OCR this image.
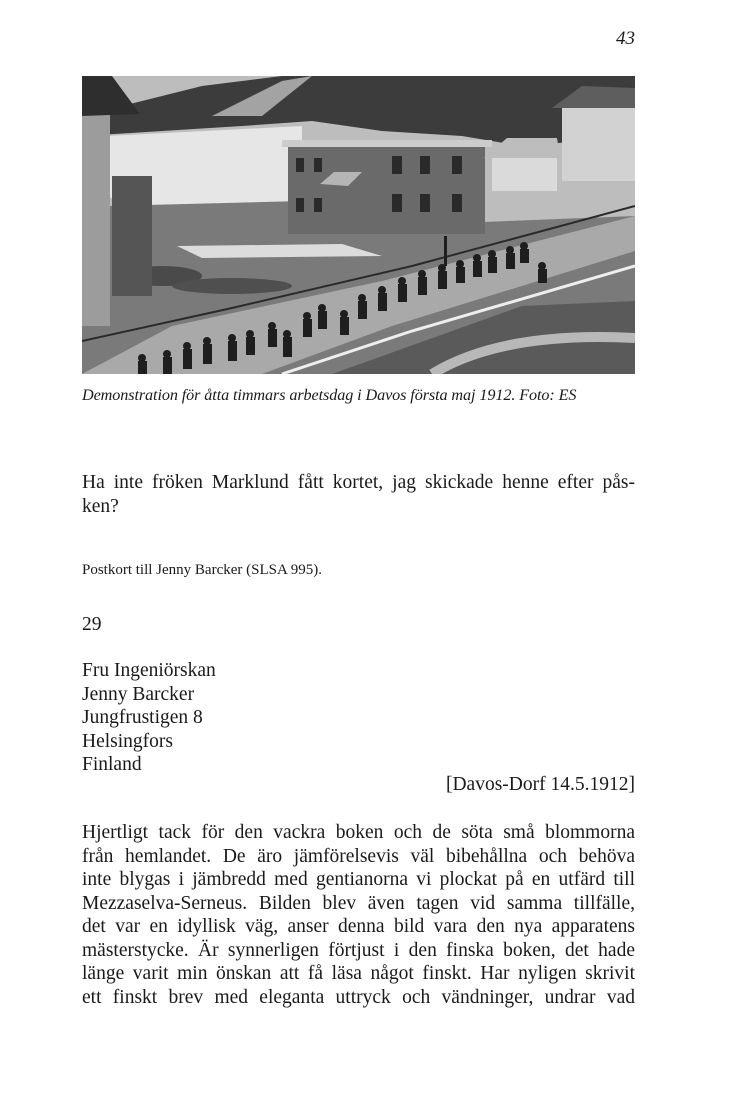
43
Demonstration för åtta timmars arbetsdag i Davos första maj 1912. Foto: ES
Ha inte fröken Marklund fått kortet, jag skickade henne efter pås-
ken?
Postkort till Jenny Barcker (SLSA 995).
29
Fru Ingeniörskan
Jenny Barcker
Jungfrustigen 8
Helsingfors
Finland
[Davos-Dorf 14.5.1912]
Hjertligt tack för den vackra boken och de söta små blommorna
från hemlandet. De äro jämförelsevis väl bibehållna och behöva
inte blygas i jämbredd med gentianorna vi plockat på en utfärd till
Mezzaselva-Serneus. Bilden blev även tagen vid samma tillfälle,
det var en idyllisk väg, anser denna bild vara den nya apparatens
mästerstycke. Är synnerligen förtjust i den finska boken, det hade
länge varit min önskan att få läsa något finskt. Har nyligen skrivit
ett finskt brev med eleganta uttryck och vändninger, undrar vad
